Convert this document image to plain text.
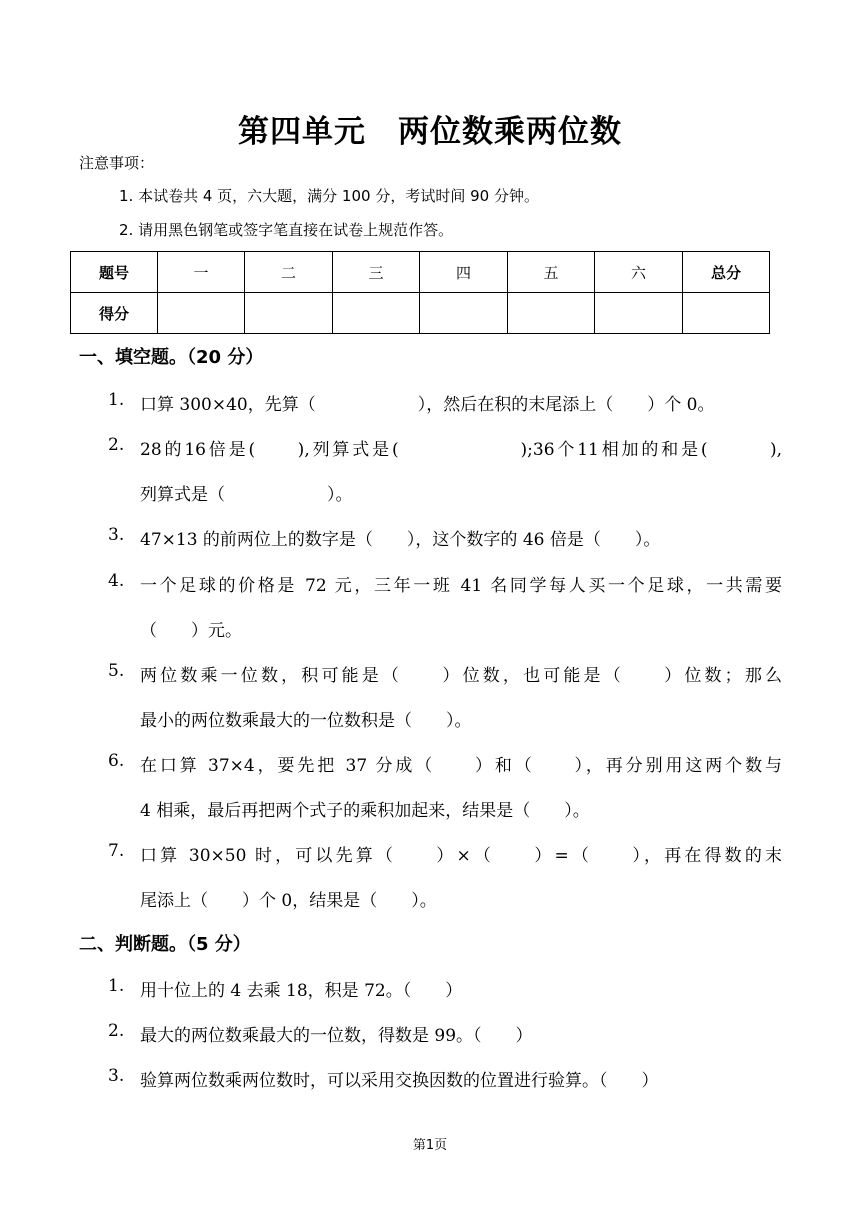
第四单元　两位数乘两位数
注意事项：
1. 本试卷共 4 页，六大题，满分 100 分，考试时间 90 分钟。
2. 请用黑色钢笔或签字笔直接在试卷上规范作答。
题号	一	二	三	四	五	六	总分
得分							
一、填空题。（20 分）
1. 口算 300×40，先算（　　　　　　），然后在积的末尾添上（　　）个 0。
2. 28的16倍是(　　),列算式是(　　　　　　);36个11相加的和是(　　　),
列算式是（　　　　　　）。
3. 47×13 的前两位上的数字是（　　），这个数字的 46 倍是（　　）。
4. 一个足球的价格是 72 元，三年一班 41 名同学每人买一个足球，一共需要
（　　）元。
5. 两位数乘一位数，积可能是（　　）位数，也可能是（　　）位数；那么
最小的两位数乘最大的一位数积是（　　）。
6. 在口算 37×4，要先把 37 分成（　　）和（　　），再分别用这两个数与
4 相乘，最后再把两个式子的乘积加起来，结果是（　　）。
7. 口算 30×50 时，可以先算（　　）×（　　）=（　　），再在得数的末
尾添上（　　）个 0，结果是（　　）。
二、判断题。（5 分）
1. 用十位上的 4 去乘 18，积是 72。（　　）
2. 最大的两位数乘最大的一位数，得数是 99。（　　）
3. 验算两位数乘两位数时，可以采用交换因数的位置进行验算。（　　）
第1页
